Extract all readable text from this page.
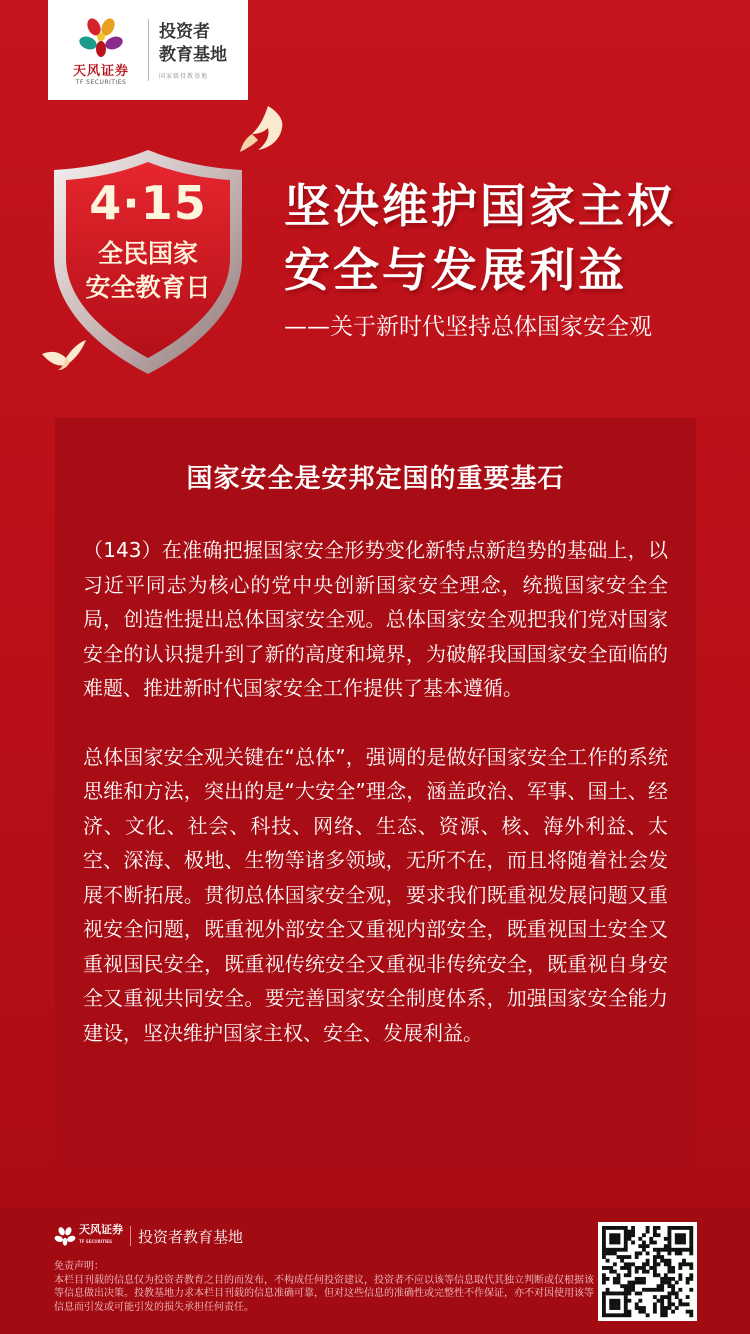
天风证券
TF SECURITIES
投资者
教育基地
国家级投教基地
4·15
全民国家
安全教育日
坚决维护国家主权
安全与发展利益
——关于新时代坚持总体国家安全观
国家安全是安邦定国的重要基石

（143）在准确把握国家安全形势变化新特点新趋势的基础上，以习近平同志为核心的党中央创新国家安全理念，统揽国家安全全局，创造性提出总体国家安全观。总体国家安全观把我们党对国家安全的认识提升到了新的高度和境界，为破解我国国家安全面临的难题、推进新时代国家安全工作提供了基本遵循。

总体国家安全观关键在“总体”，强调的是做好国家安全工作的系统思维和方法，突出的是“大安全”理念，涵盖政治、军事、国土、经济、文化、社会、科技、网络、生态、资源、核、海外利益、太空、深海、极地、生物等诸多领域，无所不在，而且将随着社会发展不断拓展。贯彻总体国家安全观，要求我们既重视发展问题又重视安全问题，既重视外部安全又重视内部安全，既重视国土安全又重视国民安全，既重视传统安全又重视非传统安全，既重视自身安全又重视共同安全。要完善国家安全制度体系，加强国家安全能力建设，坚决维护国家主权、安全、发展利益。

天风证券
TF SECURITIES	投资者教育基地
免责声明：
本栏目刊载的信息仅为投资者教育之目的而发布，不构成任何投资建议，投资者不应以该等信息取代其独立判断或仅根据该等信息做出决策。投教基地力求本栏目刊载的信息准确可靠，但对这些信息的准确性或完整性不作保证，亦不对因使用该等信息而引发或可能引发的损失承担任何责任。
